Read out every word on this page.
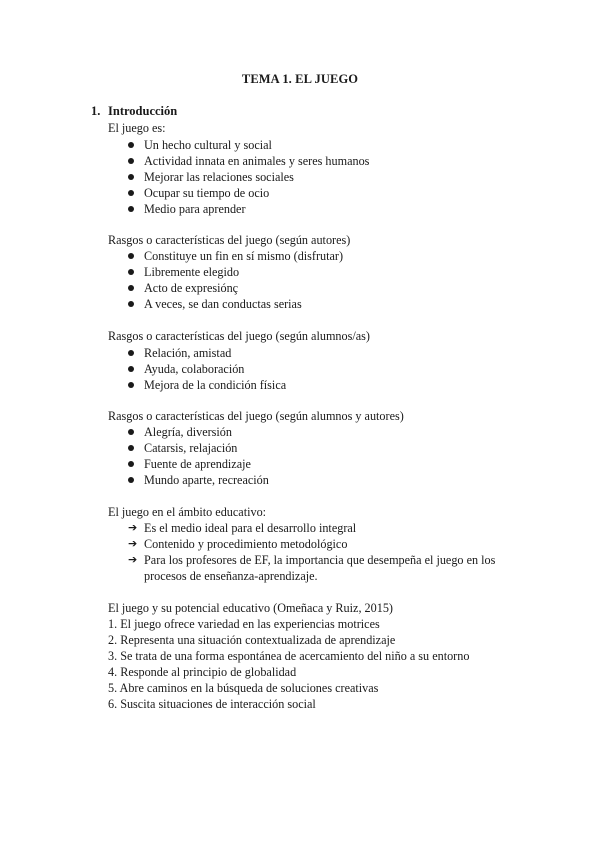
TEMA 1. EL JUEGO
1. Introducción
El juego es:
Un hecho cultural y social
Actividad innata en animales y seres humanos
Mejorar las relaciones sociales
Ocupar su tiempo de ocio
Medio para aprender
Rasgos o características del juego (según autores)
Constituye un fin en sí mismo (disfrutar)
Libremente elegido
Acto de expresiónç
A veces, se dan conductas serias
Rasgos o características del juego (según alumnos/as)
Relación, amistad
Ayuda, colaboración
Mejora de la condición física
Rasgos o características del juego (según alumnos y autores)
Alegría, diversión
Catarsis, relajación
Fuente de aprendizaje
Mundo aparte, recreación
El juego en el ámbito educativo:
➔ Es el medio ideal para el desarrollo integral
➔ Contenido y procedimiento metodológico
➔ Para los profesores de EF, la importancia que desempeña el juego en los procesos de enseñanza-aprendizaje.
El juego y su potencial educativo (Omeñaca y Ruiz, 2015)
1. El juego ofrece variedad en las experiencias motrices
2. Representa una situación contextualizada de aprendizaje
3. Se trata de una forma espontánea de acercamiento del niño a su entorno
4. Responde al principio de globalidad
5. Abre caminos en la búsqueda de soluciones creativas
6. Suscita situaciones de interacción social
